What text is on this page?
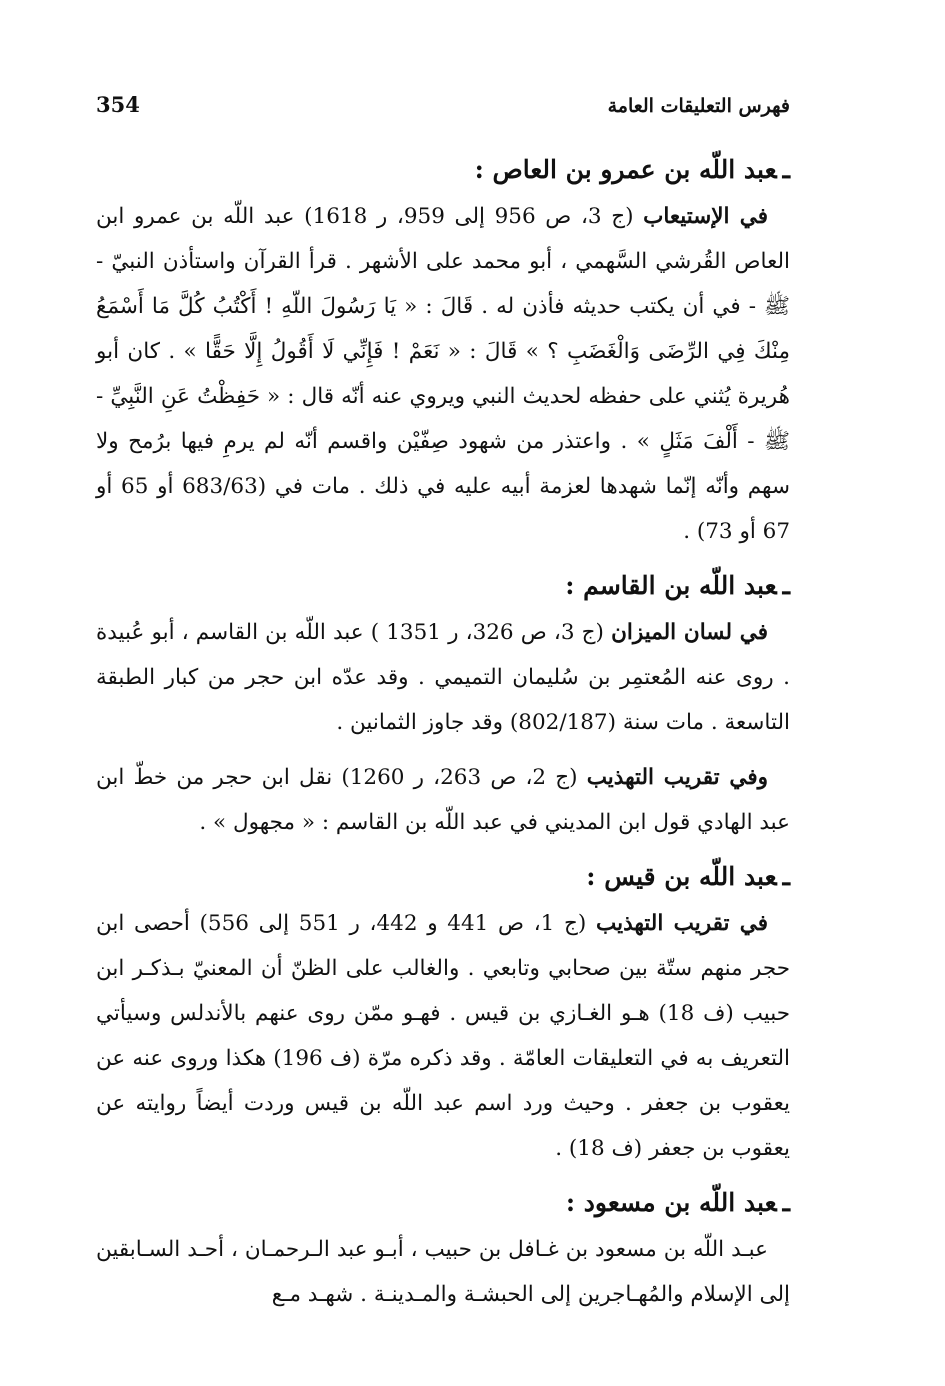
فهرس التعليقات العامة
354
ـعبد اللّه بن عمرو بن العاص :

في الإستيعاب (ج 3، ص 956 إلى 959، ر 1618) عبد اللّه بن عمرو ابن العاص القُرشي السَّهمي ، أبو محمد على الأشهر . قرأ القرآن واستأذن النبيّ - ﷺ - في أن يكتب حديثه فأذن له . قَالَ : « يَا رَسُولَ اللّهِ ! أَكْتُبُ كُلَّ مَا أَسْمَعُ مِنْكَ فِي الرِّضَى وَالْغَضَبِ ؟ » قَالَ : « نَعَمْ ! فَإِنِّي لَا أَقُولُ إِلَّا حَقًّا » . كان أبو هُريرة يُثني على حفظه لحديث النبي ويروي عنه أنّه قال : « حَفِظْتُ عَنِ النَّبِيِّ - ﷺ - أَلْفَ مَثَلٍ » . واعتذر من شهود صِفّيْن واقسم أنّه لم يرمِ فيها برُمح ولا سهم وأنّه إنّما شهدها لعزمة أبيه عليه في ذلك . مات في (683/63 أو 65 أو 67 أو 73) .

ـعبد اللّه بن القاسم :

في لسان الميزان (ج 3، ص 326، ر 1351 ) عبد اللّه بن القاسم ، أبو عُبيدة . روى عنه المُعتمِر بن سُليمان التميمي . وقد عدّه ابن حجر من كبار الطبقة التاسعة . مات سنة (802/187) وقد جاوز الثمانين .

وفي تقريب التهذيب (ج 2، ص 263، ر 1260) نقل ابن حجر من خطّ ابن عبد الهادي قول ابن المديني في عبد اللّه بن القاسم : « مجهول » .

ـعبد اللّه بن قيس :

في تقريب التهذيب (ج 1، ص 441 و 442، ر 551 إلى 556) أحصى ابن حجر منهم ستّة بين صحابي وتابعي . والغالب على الظنّ أن المعنيّ بـذكـر ابن حبيب (ف 18) هـو الغـازي بن قيس . فهـو ممّن روى عنهم بالأندلس وسيأتي التعريف به في التعليقات العامّة . وقد ذكره مرّة (ف 196) هكذا وروى عنه عن يعقوب بن جعفر . وحيث ورد اسم عبد اللّه بن قيس وردت أيضاً روايته عن يعقوب بن جعفر (ف 18) .

ـعبد اللّه بن مسعود :

عبـد اللّه بن مسعود بن غـافل بن حبيب ، أبـو عبد الـرحمـان ، أحـد السـابقين إلى الإسلام والمُهـاجرين إلى الحبشـة والمـدينـة . شهـد مـع
